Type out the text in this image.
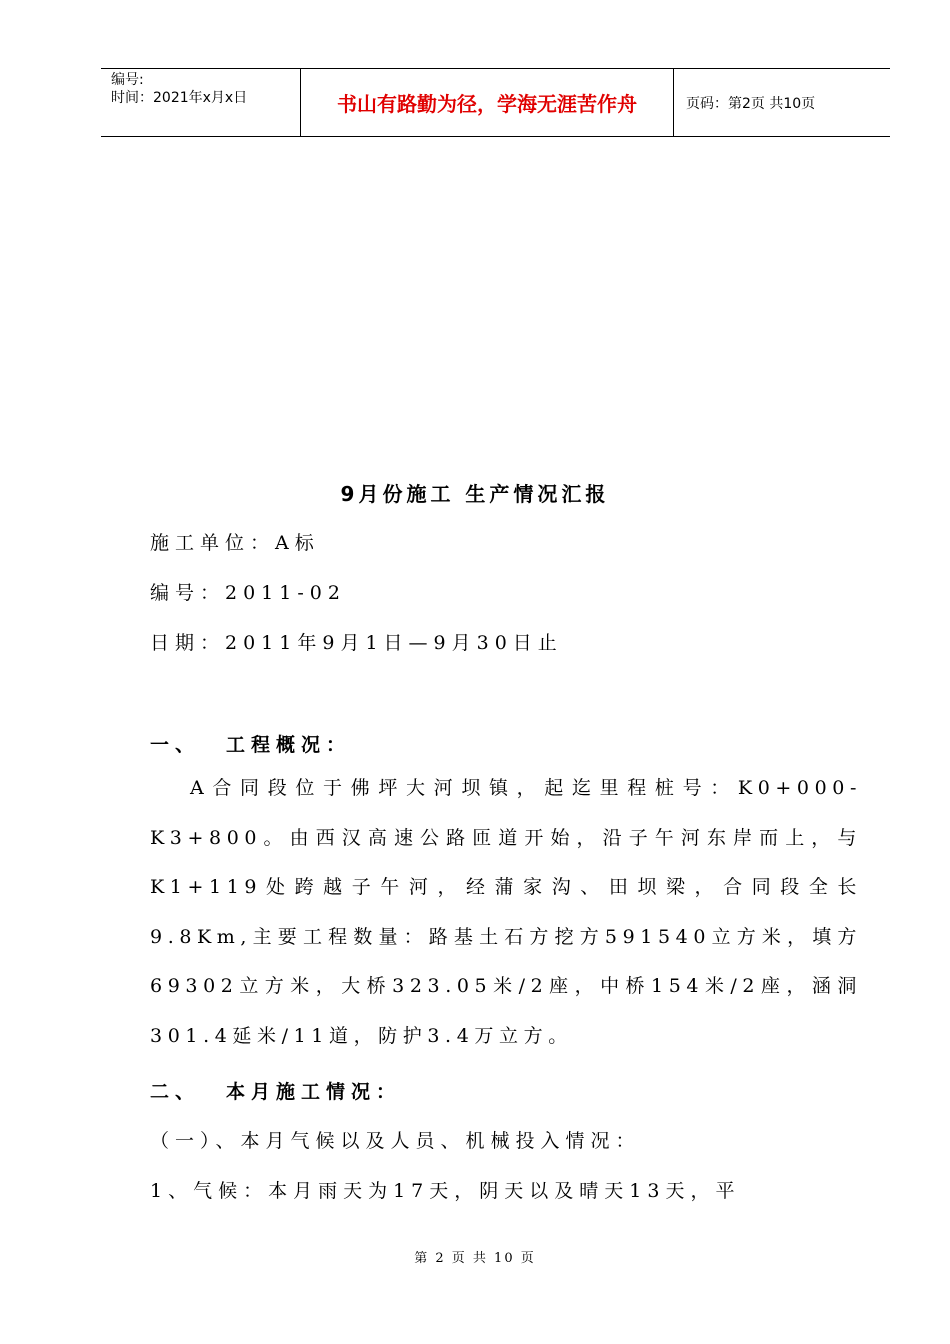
编号:
时间：2021年x月x日	书山有路勤为径，学海无涯苦作舟	页码：第2页 共10页
9月份施工 生产情况汇报
施工单位：A标
编号：2011-02
日期：2011年9月1日—9月30日止
一、 工程概况：
A合同段位于佛坪大河坝镇，起迄里程桩号：K0+000-K3+800。由西汉高速公路匝道开始，沿子午河东岸而上，与K1+119处跨越子午河，经蒲家沟、田坝梁，合同段全长9.8Km,主要工程数量：路基土石方挖方591540立方米，填方69302立方米，大桥323.05米/2座，中桥154米/2座，涵洞301.4延米/11道，防护3.4万立方。
二、 本月施工情况：
（一）、本月气候以及人员、机械投入情况：
1、气候：本月雨天为17天，阴天以及晴天13天，平
第 2 页 共 10 页
